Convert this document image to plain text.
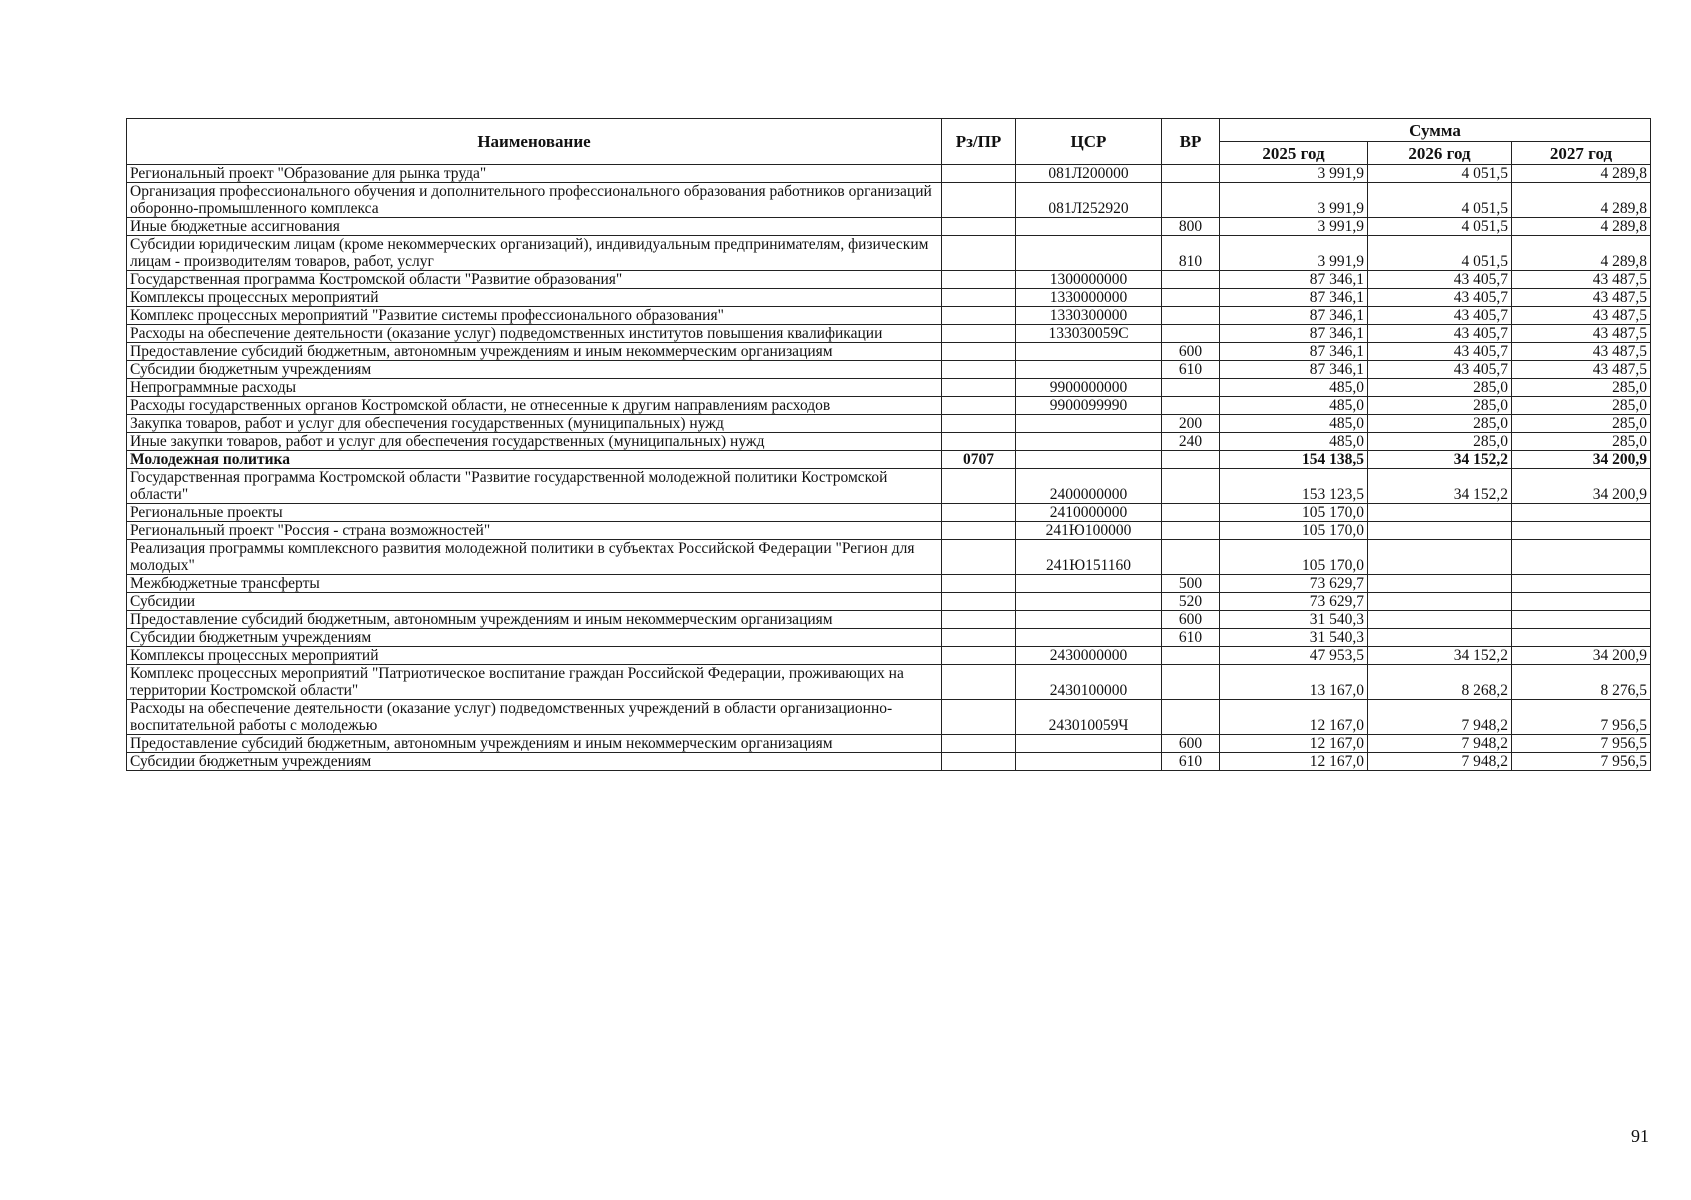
Наименование	Рз/ПР	ЦСР	ВР	Сумма		
				2025 год	2026 год	2027 год
Региональный проект "Образование для рынка труда"		081Л200000		3 991,9	4 051,5	4 289,8
Организация профессионального обучения и дополнительного профессионального образования работников организаций оборонно-промышленного комплекса		081Л252920		3 991,9	4 051,5	4 289,8
Иные бюджетные ассигнования			800	3 991,9	4 051,5	4 289,8
Субсидии юридическим лицам (кроме некоммерческих организаций), индивидуальным предпринимателям, физическим лицам - производителям товаров, работ, услуг			810	3 991,9	4 051,5	4 289,8
Государственная программа Костромской области "Развитие образования"		1300000000		87 346,1	43 405,7	43 487,5
Комплексы процессных мероприятий		1330000000		87 346,1	43 405,7	43 487,5
Комплекс процессных мероприятий "Развитие системы профессионального образования"		1330300000		87 346,1	43 405,7	43 487,5
Расходы на обеспечение деятельности (оказание услуг) подведомственных институтов повышения квалификации		133030059С		87 346,1	43 405,7	43 487,5
Предоставление субсидий бюджетным, автономным учреждениям и иным некоммерческим организациям			600	87 346,1	43 405,7	43 487,5
Субсидии бюджетным учреждениям			610	87 346,1	43 405,7	43 487,5
Непрограммные расходы		9900000000		485,0	285,0	285,0
Расходы государственных органов Костромской области, не отнесенные к другим направлениям расходов		9900099990		485,0	285,0	285,0
Закупка товаров, работ и услуг для обеспечения государственных (муниципальных) нужд			200	485,0	285,0	285,0
Иные закупки товаров, работ и услуг для обеспечения государственных (муниципальных) нужд			240	485,0	285,0	285,0
Молодежная политика	0707			154 138,5	34 152,2	34 200,9
Государственная программа Костромской области "Развитие государственной молодежной политики Костромской области"		2400000000		153 123,5	34 152,2	34 200,9
Региональные проекты		2410000000		105 170,0		
Региональный проект "Россия - страна возможностей"		241Ю100000		105 170,0		
Реализация программы комплексного развития молодежной политики в субъектах Российской Федерации "Регион для молодых"		241Ю151160		105 170,0		
Межбюджетные трансферты			500	73 629,7		
Субсидии			520	73 629,7		
Предоставление субсидий бюджетным, автономным учреждениям и иным некоммерческим организациям			600	31 540,3		
Субсидии бюджетным учреждениям			610	31 540,3		
Комплексы процессных мероприятий		2430000000		47 953,5	34 152,2	34 200,9
Комплекс процессных мероприятий "Патриотическое воспитание граждан Российской Федерации, проживающих на территории Костромской области"		2430100000		13 167,0	8 268,2	8 276,5
Расходы на обеспечение деятельности (оказание услуг) подведомственных учреждений в области организационно-воспитательной работы с молодежью		243010059Ч		12 167,0	7 948,2	7 956,5
Предоставление субсидий бюджетным, автономным учреждениям и иным некоммерческим организациям			600	12 167,0	7 948,2	7 956,5
Субсидии бюджетным учреждениям			610	12 167,0	7 948,2	7 956,5
91
